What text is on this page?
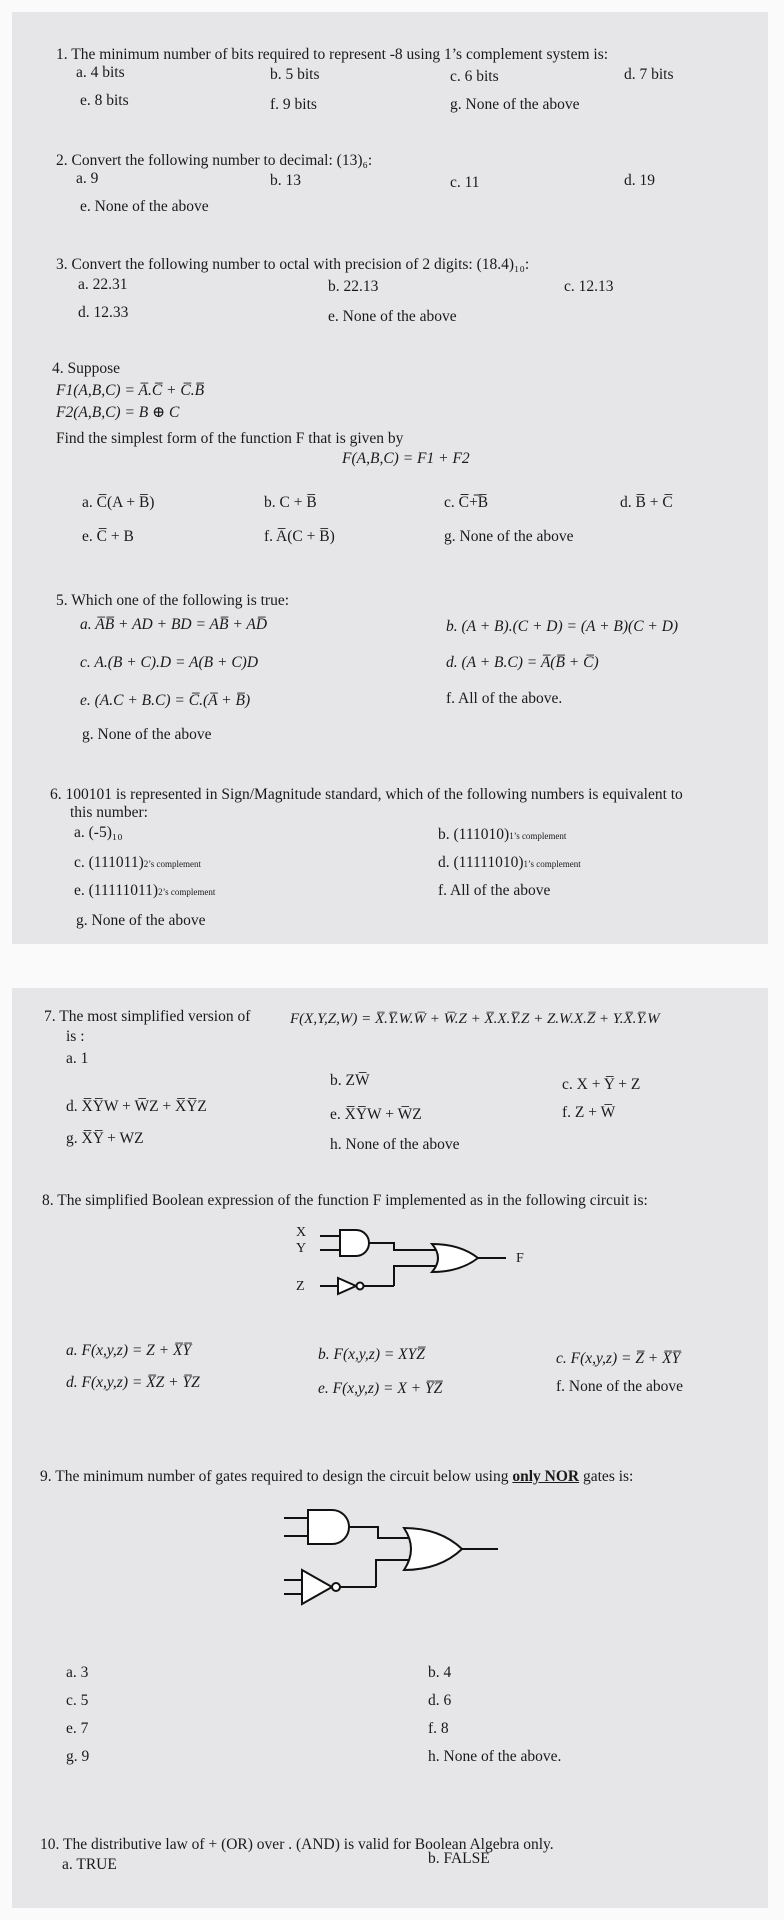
1. The minimum number of bits required to represent -8 using 1’s complement system is:
a. 4 bits	b. 5 bits	c. 6 bits	d. 7 bits
e. 8 bits	f. 9 bits	g. None of the above
2. Convert the following number to decimal: (13)₆:
a. 9	b. 13	c. 11	d. 19
e. None of the above
3. Convert the following number to octal with precision of 2 digits: (18.4)₁₀:
a. 22.31	b. 22.13	c. 12.13
d. 12.33	e. None of the above
4. Suppose
F1(A,B,C) = A̅.C̅ + C̅.B̅
F2(A,B,C) = B ⊕ C
Find the simplest form of the function F that is given by
F(A,B,C) = F1 + F2
a. C̅(A + B̅)	b. C + B̅	c. C̅̅+̅̅B̅	d. B̅ + C̅
e. C̅ + B	f. A̅(C + B̅)	g. None of the above
5. Which one of the following is true:
a. A̅B̅ + AD + BD = AB̅ + AD̅	b. (A + B).(C + D) = (A + B)(C + D)
c. A.(B + C).D = A(B + C)D	d. (A + B.C) = A̅(B̅ + C̅)
e. (A.C + B.C) = C̅.(A̅ + B̅)	f. All of the above.
g. None of the above
6. 100101 is represented in Sign/Magnitude standard, which of the following numbers is equivalent to
this number:
a. (-5)₁₀	b. (111010)1’s complement
c. (111011)2’s complement	d. (11111010)1’s complement
e. (11111011)2’s complement	f. All of the above
g. None of the above
7. The most simplified version of	F(X,Y,Z,W) = X̅.Y̅.W.W̅ + W̅.Z + X̅.X.Y̅.Z + Z.W.X.Z̅ + Y.X̅.Y̅.W
is :
a. 1
b. ZW̅	c. X + Y̅ + Z
d. X̅Y̅W + W̅Z + X̅Y̅Z	e. X̅Y̅W + W̅Z	f. Z + W̅
g. X̅Y̅ + WZ	h. None of the above
8. The simplified Boolean expression of the function F implemented as in the following circuit is:
X
Y
Z
F
a. F(x,y,z) = Z + X̅Y̅	b. F(x,y,z) = XYZ̅	c. F(x,y,z) = Z̅ + X̅Y̅
d. F(x,y,z) = X̅Z + Y̅Z	e. F(x,y,z) = X + Y̅Z̅	f. None of the above
9. The minimum number of gates required to design the circuit below using only NOR gates is:
a. 3	b. 4
c. 5	d. 6
e. 7	f. 8
g. 9	h. None of the above.
10. The distributive law of + (OR) over . (AND) is valid for Boolean Algebra only.
a. TRUE	b. FALSE
